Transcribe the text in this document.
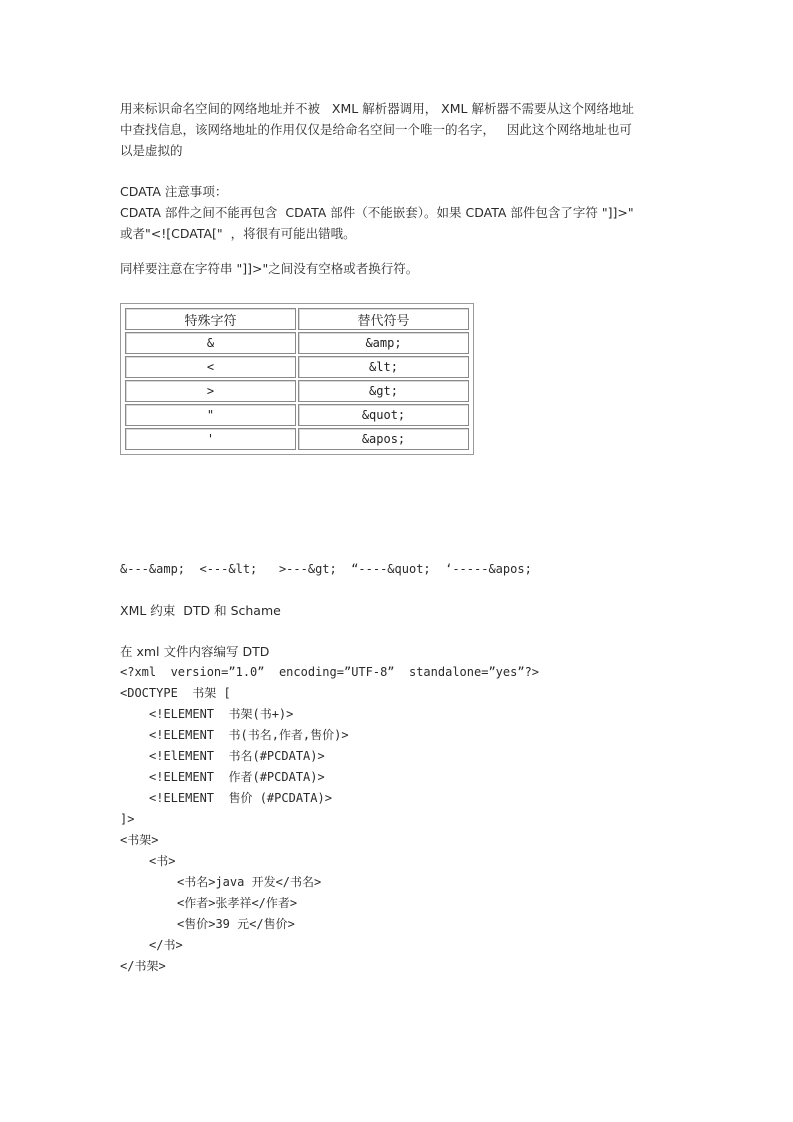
用来标识命名空间的网络地址并不被   XML 解析器调用， XML 解析器不需要从这个网络地址

中查找信息，该网络地址的作用仅仅是给命名空间一个唯一的名字，   因此这个网络地址也可

以是虚拟的

CDATA 注意事项：

CDATA 部件之间不能再包含  CDATA 部件（不能嵌套）。如果 CDATA 部件包含了字符 "]]>"

或者"<![CDATA["  ，将很有可能出错哦。

同样要注意在字符串 "]]>"之间没有空格或者换行符。

特殊字符	替代符号
&	&amp;
<	&lt;
>	&gt;
"	&quot;
'	&apos;

&---&amp;  <---&lt;   >---&gt;  “----&quot;  ‘-----&apos;

XML 约束  DTD 和 Schame

在 xml 文件内容编写 DTD

<?xml  version=”1.0”  encoding=”UTF-8”  standalone=”yes”?>

<DOCTYPE  书架 [

<!ELEMENT  书架(书+)>

<!ELEMENT  书(书名,作者,售价)>

<!ElEMENT  书名(#PCDATA)>

<!ELEMENT  作者(#PCDATA)>

<!ELEMENT  售价 (#PCDATA)>

]>

<书架>

<书>

<书名>java 开发</书名>

<作者>张孝祥</作者>

<售价>39 元</售价>

</书>

</书架>
